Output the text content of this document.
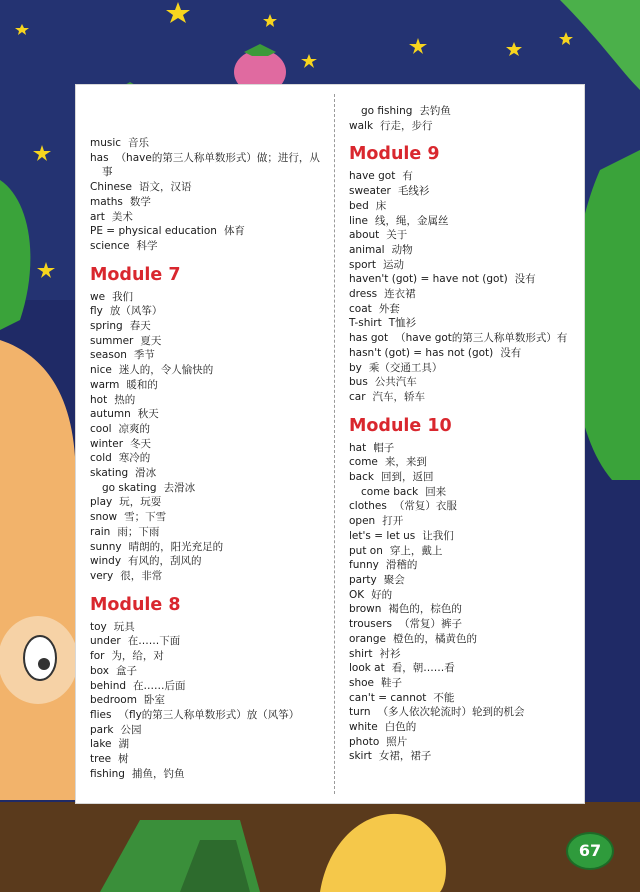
music 音乐
has （have的第三人称单数形式）做；进行，从事
Chinese 语文，汉语
maths 数学
art 美术
PE = physical education 体育
science 科学
Module 7
we 我们
fly 放（风筝）
spring 春天
summer 夏天
season 季节
nice 迷人的，令人愉快的
warm 暖和的
hot 热的
autumn 秋天
cool 凉爽的
winter 冬天
cold 寒冷的
skating 滑冰
go skating 去滑冰
play 玩，玩耍
snow 雪；下雪
rain 雨；下雨
sunny 晴朗的，阳光充足的
windy 有风的，刮风的
very 很，非常
Module 8
toy 玩具
under 在……下面
for 为，给，对
box 盒子
behind 在……后面
bedroom 卧室
flies （fly的第三人称单数形式）放（风筝）
park 公园
lake 湖
tree 树
fishing 捕鱼，钓鱼
go fishing 去钓鱼
walk 行走，步行
Module 9
have got 有
sweater 毛线衫
bed 床
line 线，绳，金属丝
about 关于
animal 动物
sport 运动
haven't (got) = have not (got) 没有
dress 连衣裙
coat 外套
T-shirt T恤衫
has got （have got的第三人称单数形式）有
hasn't (got) = has not (got) 没有
by 乘（交通工具）
bus 公共汽车
car 汽车，轿车
Module 10
hat 帽子
come 来，来到
back 回到，返回
come back 回来
clothes （常复）衣服
open 打开
let's = let us 让我们
put on 穿上，戴上
funny 滑稽的
party 聚会
OK 好的
brown 褐色的，棕色的
trousers （常复）裤子
orange 橙色的，橘黄色的
shirt 衬衫
look at 看，朝……看
shoe 鞋子
can't = cannot 不能
turn （多人依次轮流时）轮到的机会
white 白色的
photo 照片
skirt 女裙，裙子
67
